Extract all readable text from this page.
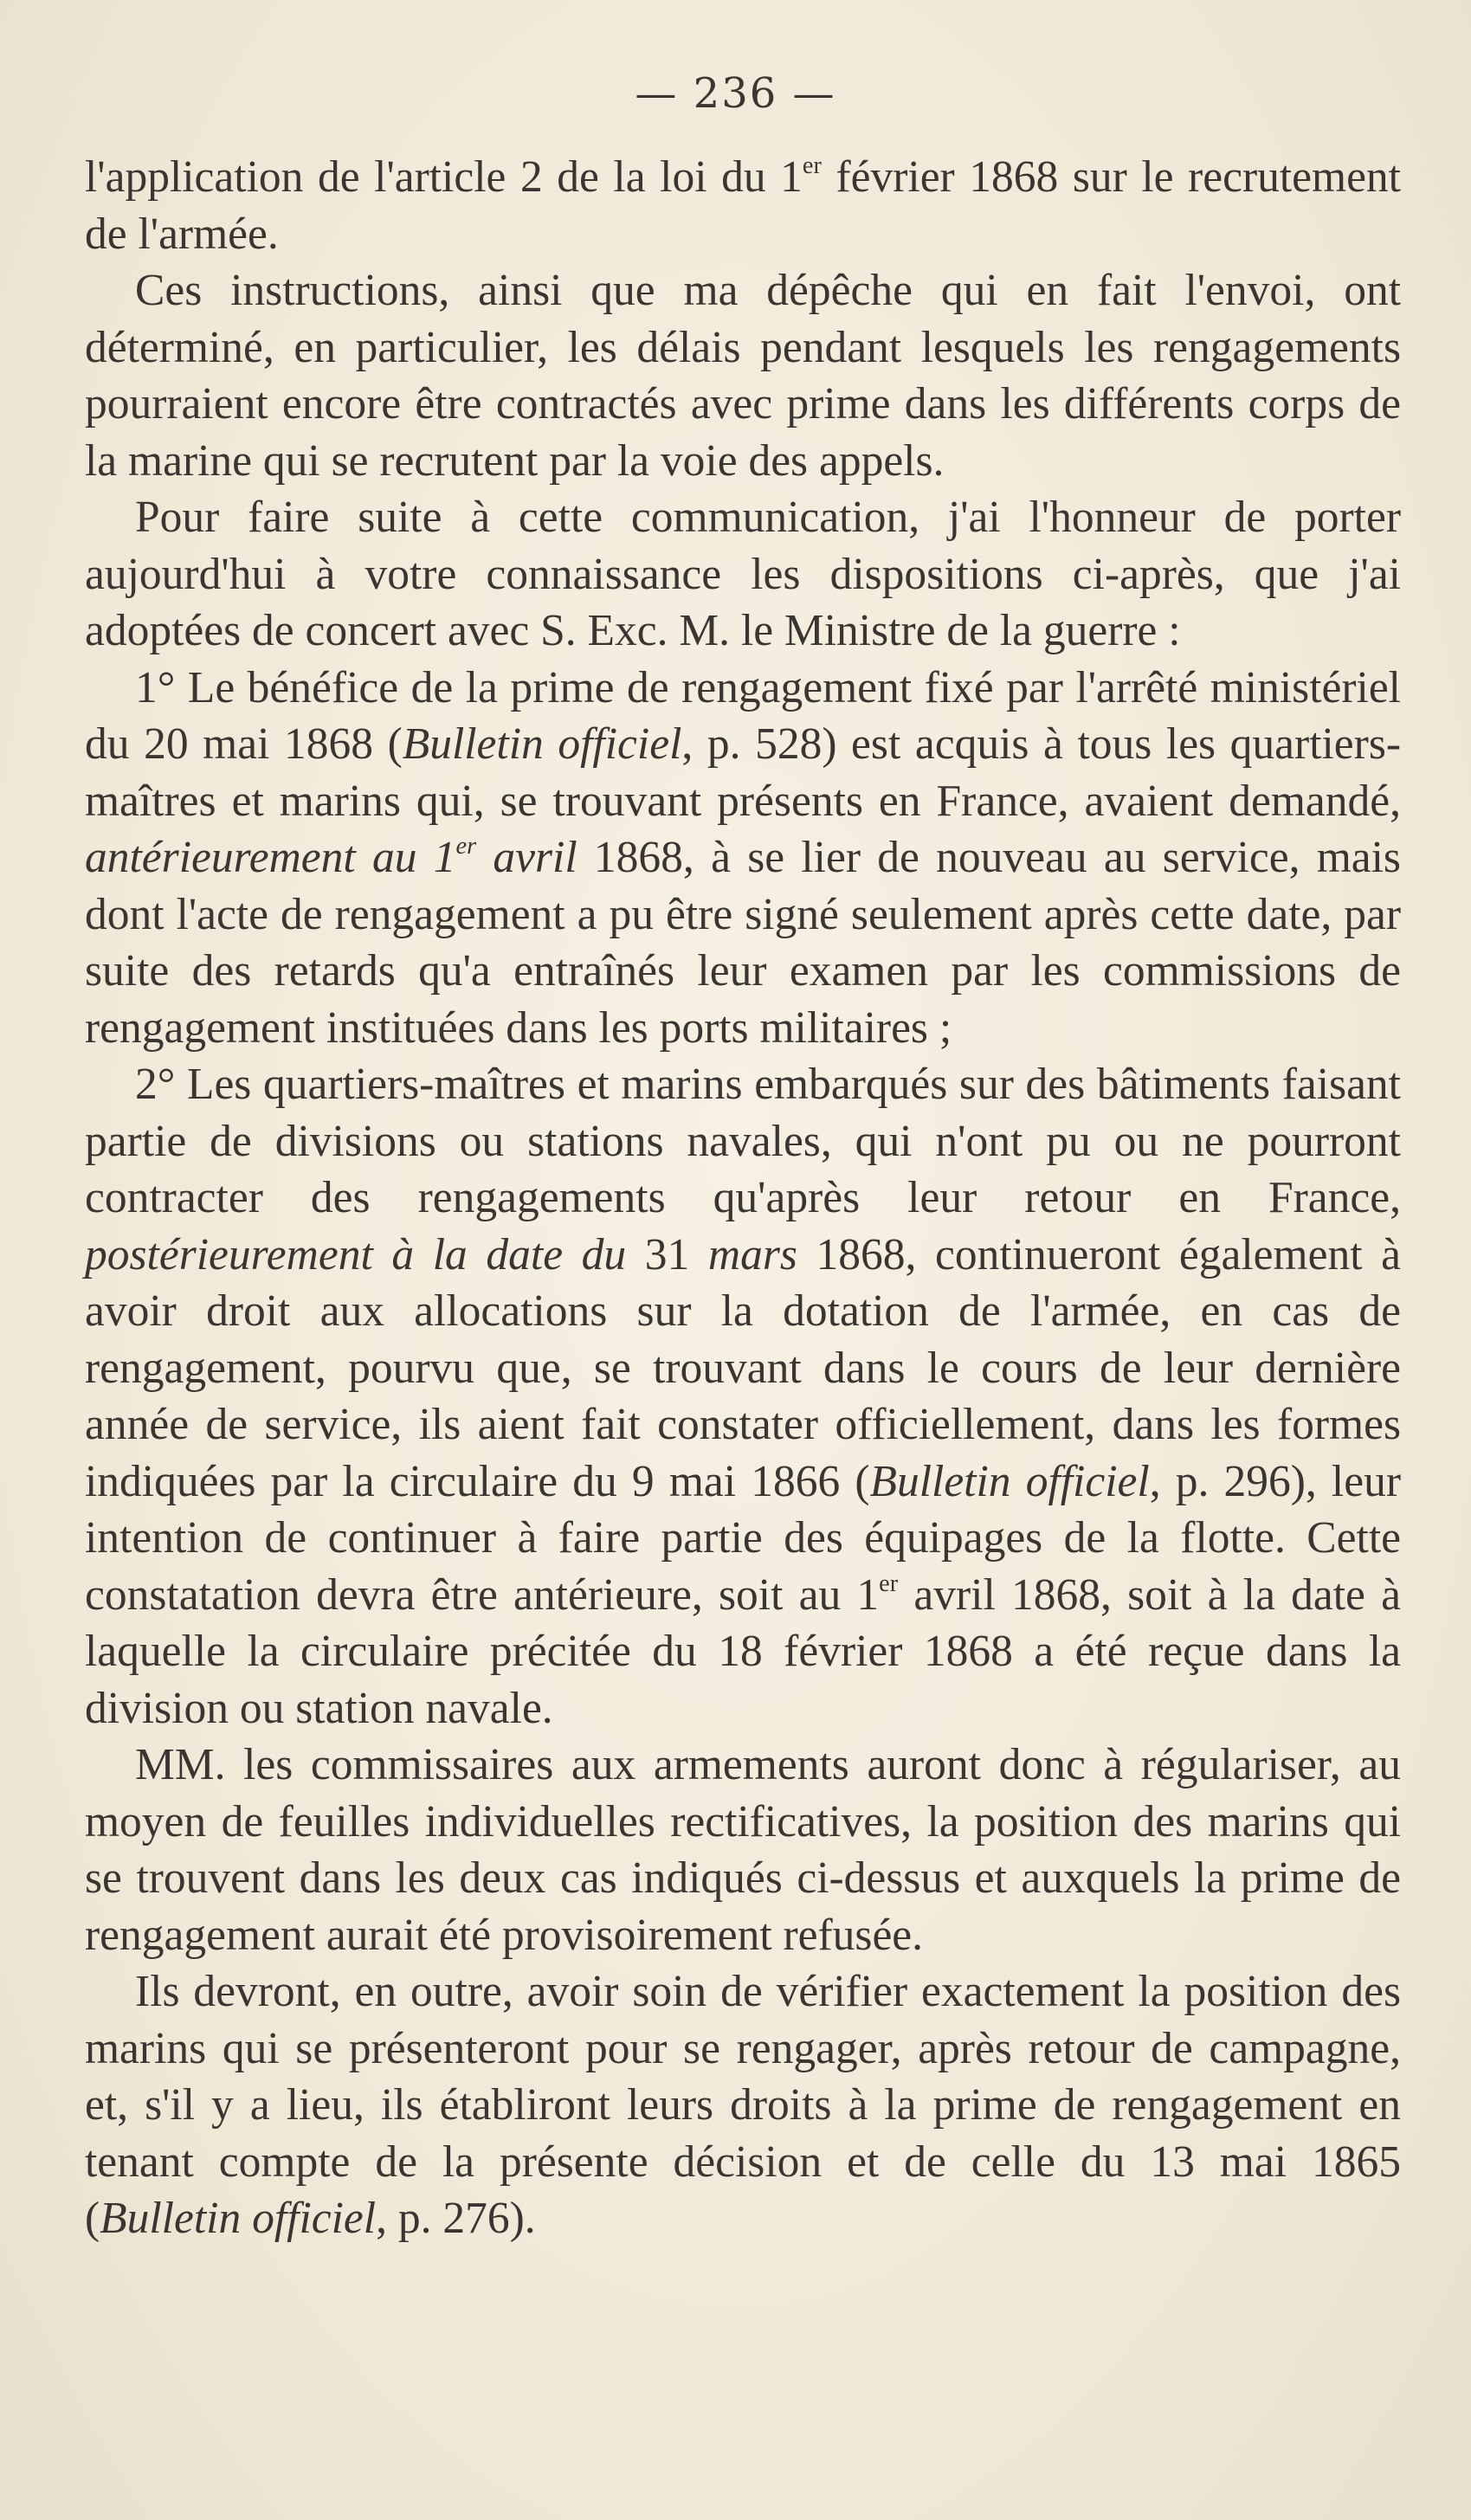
— 236 —

l'application de l'article 2 de la loi du 1er février 1868 sur le recrutement de l'armée.

Ces instructions, ainsi que ma dépêche qui en fait l'envoi, ont déterminé, en particulier, les délais pendant lesquels les rengagements pourraient encore être contractés avec prime dans les différents corps de la marine qui se recrutent par la voie des appels.

Pour faire suite à cette communication, j'ai l'honneur de porter aujourd'hui à votre connaissance les dispositions ci-après, que j'ai adoptées de concert avec S. Exc. M. le Ministre de la guerre :

1° Le bénéfice de la prime de rengagement fixé par l'arrêté ministériel du 20 mai 1868 (Bulletin officiel, p. 528) est acquis à tous les quartiers-maîtres et marins qui, se trouvant présents en France, avaient demandé, antérieurement au 1er avril 1868, à se lier de nouveau au service, mais dont l'acte de rengagement a pu être signé seulement après cette date, par suite des retards qu'a entraînés leur examen par les commissions de rengagement instituées dans les ports militaires ;

2° Les quartiers-maîtres et marins embarqués sur des bâtiments faisant partie de divisions ou stations navales, qui n'ont pu ou ne pourront contracter des rengagements qu'après leur retour en France, postérieurement à la date du 31 mars 1868, continueront également à avoir droit aux allocations sur la dotation de l'armée, en cas de rengagement, pourvu que, se trouvant dans le cours de leur dernière année de service, ils aient fait constater officiellement, dans les formes indiquées par la circulaire du 9 mai 1866 (Bulletin officiel, p. 296), leur intention de continuer à faire partie des équipages de la flotte. Cette constatation devra être antérieure, soit au 1er avril 1868, soit à la date à laquelle la circulaire précitée du 18 février 1868 a été reçue dans la division ou station navale.

MM. les commissaires aux armements auront donc à régulariser, au moyen de feuilles individuelles rectificatives, la position des marins qui se trouvent dans les deux cas indiqués ci-dessus et auxquels la prime de rengagement aurait été provisoirement refusée.

Ils devront, en outre, avoir soin de vérifier exactement la position des marins qui se présenteront pour se rengager, après retour de campagne, et, s'il y a lieu, ils établiront leurs droits à la prime de rengagement en tenant compte de la présente décision et de celle du 13 mai 1865 (Bulletin officiel, p. 276).
